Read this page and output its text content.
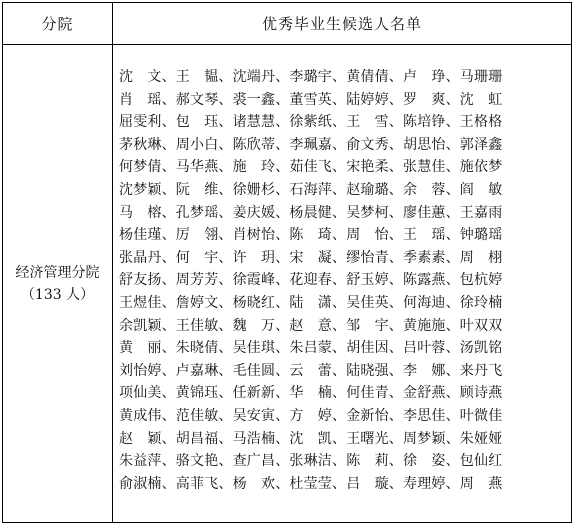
分院	优秀毕业生候选人名单
经济管理分院
（133 人）
沈　文、王　韫、沈端丹、李璐宇、黄倩倩、卢　琤、马珊珊
肖　瑶、郝文琴、裘一鑫、董雪英、陆婷婷、罗　爽、沈　虹
屈雯利、包　珏、诸慧慧、徐紫纸、王　雪、陈培铮、王格格
茅秋琳、周小白、陈欣蒂、李珮嘉、俞文秀、胡思怡、郭泽鑫
何梦倩、马华燕、施　玲、茹佳飞、宋艳柔、张慧佳、施依梦
沈梦颖、阮　维、徐姗杉、石海萍、赵瑜璐、余　蓉、阎　敏
马　榕、孔梦瑶、姜庆媛、杨晨健、吴梦柯、廖佳蕙、王嘉雨
杨佳瑾、厉　翎、肖树怡、陈　琦、周　怡、王　瑶、钟璐瑶
张晶丹、何　宇、许　玥、宋　凝、缪怡青、季素素、周　栩
舒友扬、周芳芳、徐霞峰、花迎春、舒玉婷、陈露燕、包杭婷
王煜佳、詹婷文、杨晓红、陆　潇、吴佳英、何海迪、徐玲楠
余凯颖、王佳敏、魏　万、赵　意、邹　宇、黄施施、叶双双
黄　丽、朱晓倩、吴佳琪、朱吕蒙、胡佳因、吕叶蓉、汤凯铭
刘怡婷、卢嘉琳、毛佳圆、云　蕾、陆晓强、李　娜、来丹飞
项仙美、黄锦珏、任新新、华　楠、何佳青、金舒燕、顾诗燕
黄成伟、范佳敏、吴安寅、方　婷、金新怡、李思佳、叶微佳
赵　颖、胡昌福、马浩楠、沈　凯、王曙光、周梦颖、朱娅娅
朱益萍、骆文艳、查广昌、张琳洁、陈　莉、徐　姿、包仙红
俞淑楠、高菲飞、杨　欢、杜莹莹、吕　璇、寿理婷、周　燕
